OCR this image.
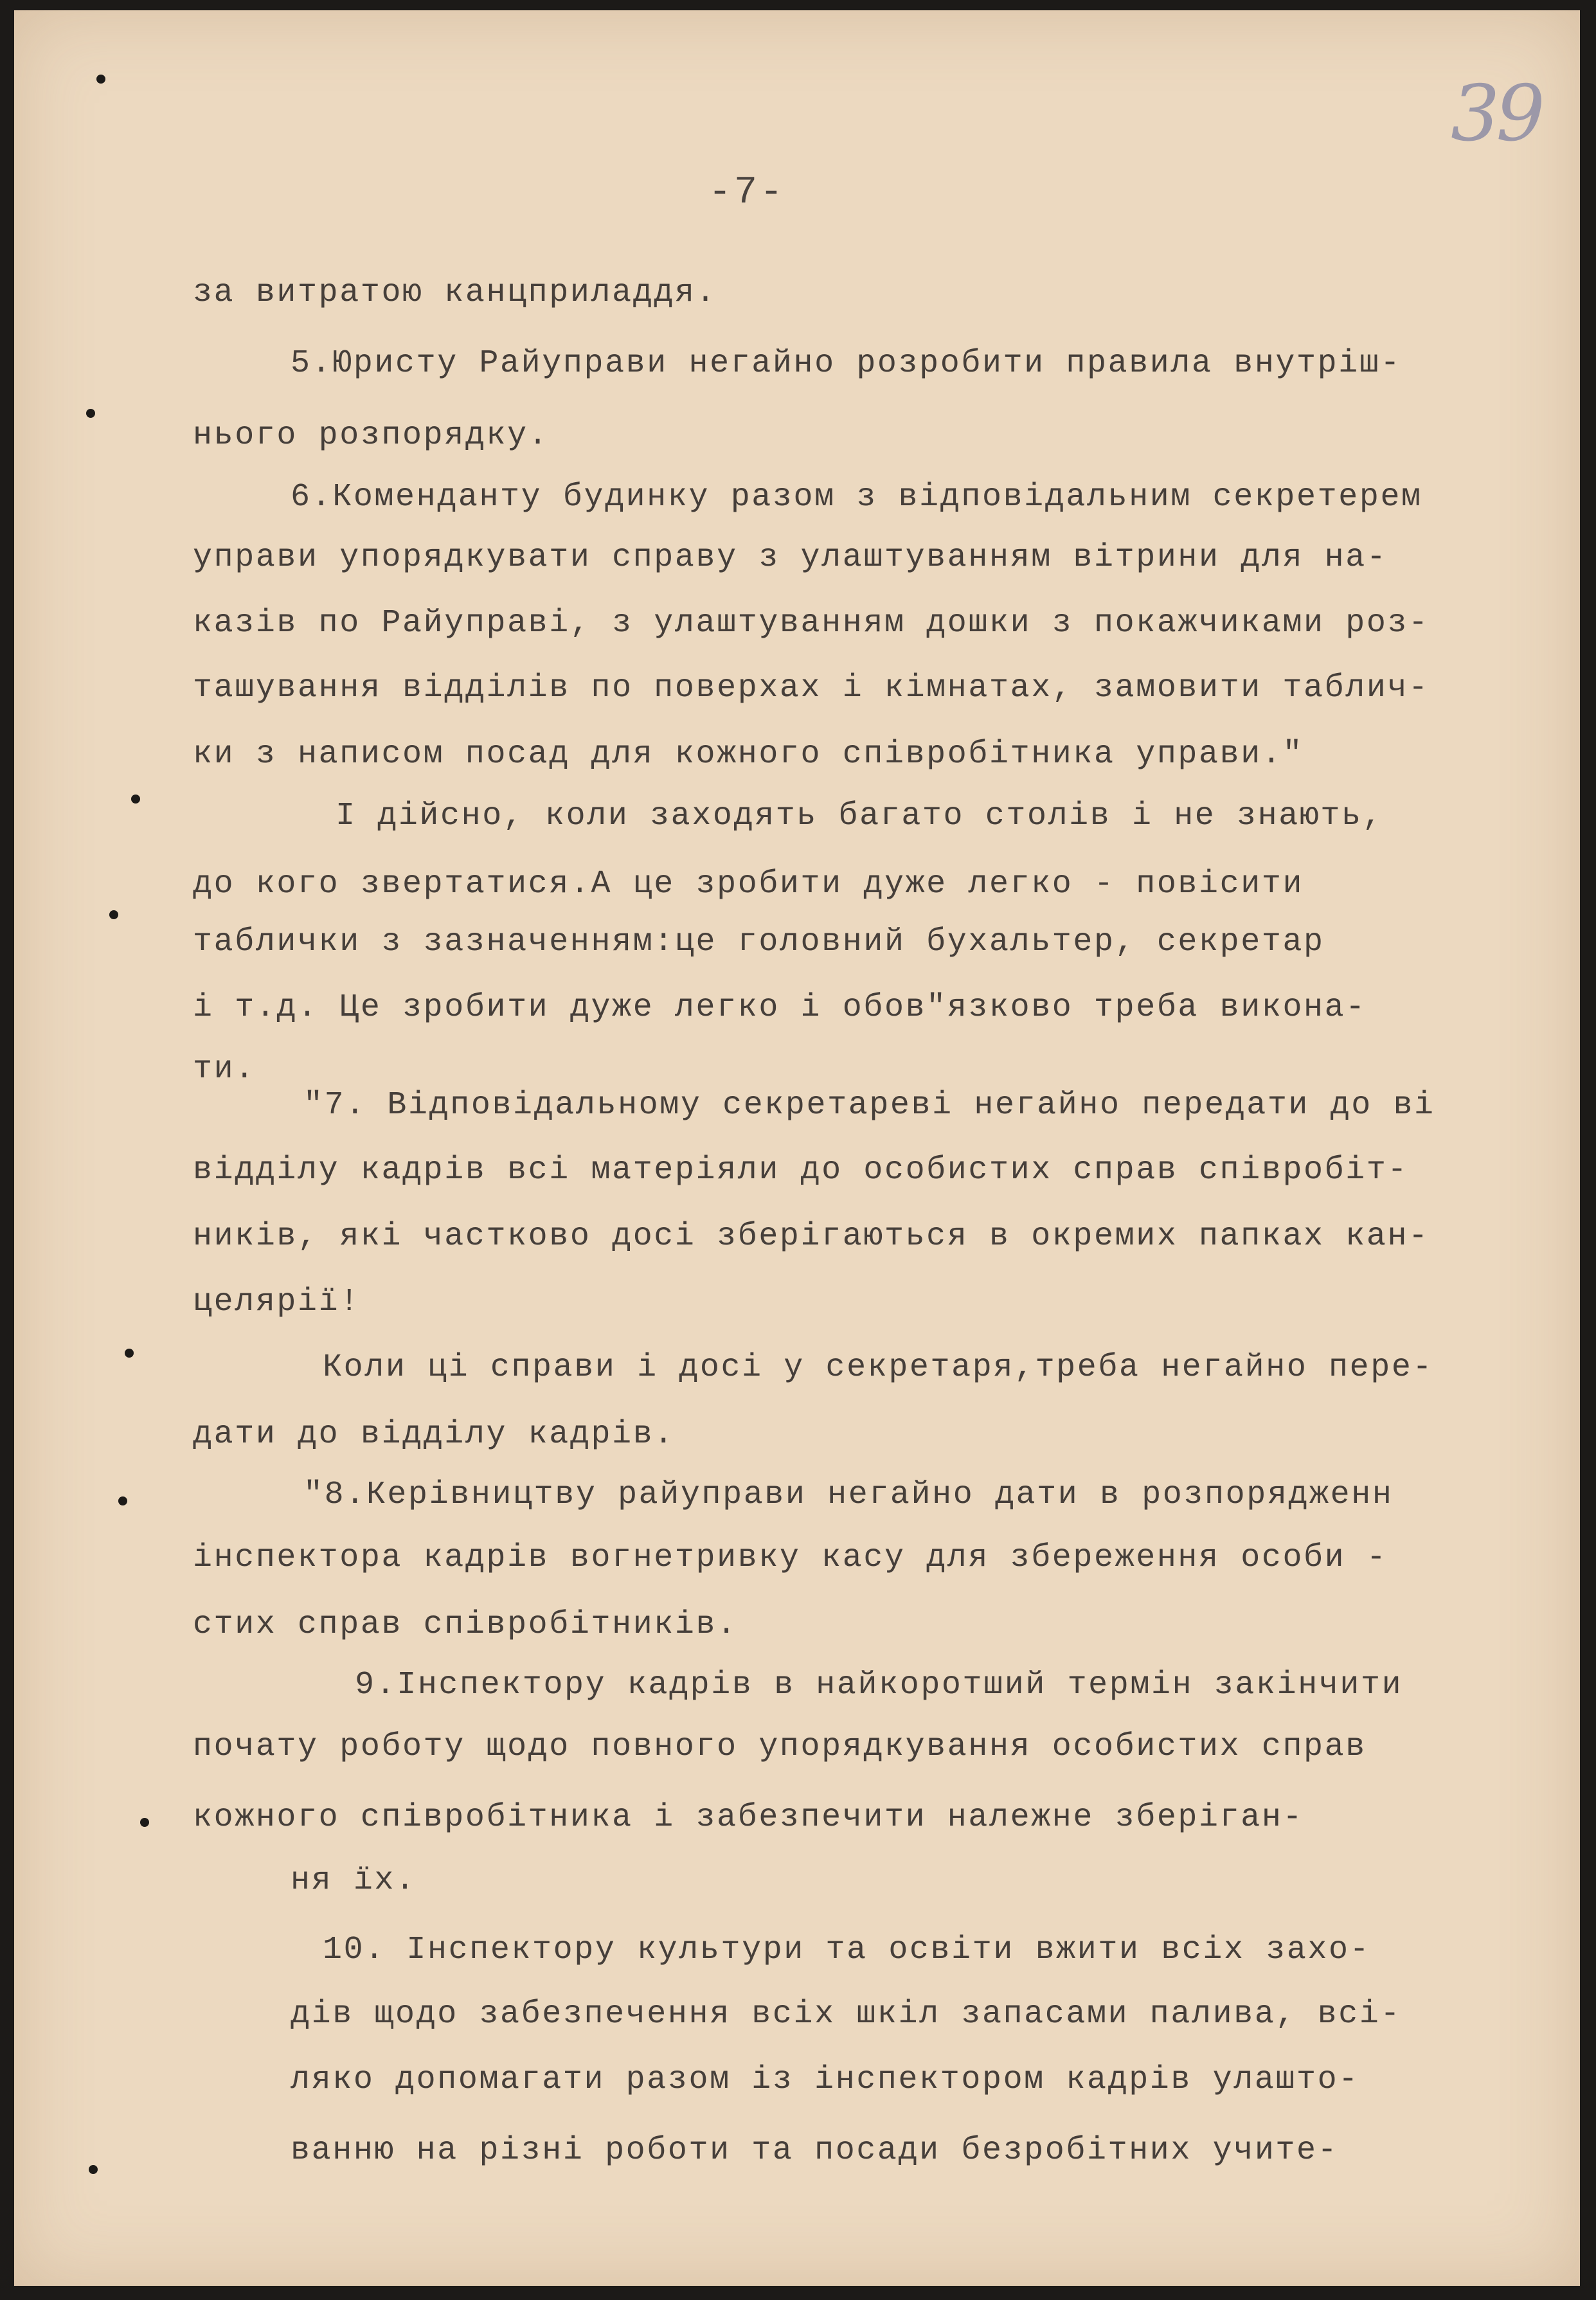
39
-7-
за витратою канцприладдя.
5.Юристу Райуправи негайно розробити правила внутріш-
нього розпорядку.
6.Комендантy будинку разом з відповідальним секретерем
управи упорядкувати справу з улаштуванням вітрини для на-
казів по Райуправі, з улаштуванням дошки з покажчиками роз-
ташування відділів по поверхах і кімнатах, замовити таблич-
ки з написом посад для кожного співробітника управи."
І дійсно, коли заходять багато столів і не знають,
до кого звертатися.А це зробити дуже легко - повісити
таблички з зазначенням:це головний бухальтер, секретар
і т.д. Це зробити дуже легко і обов"язково треба викона-
ти.
"7. Відповідальному секретареві негайно передати до ві
відділу кадрів всі матеріяли до особистих справ співробіт-
ників, які частково досі зберігаються в окремих папках кан-
целярії!
Коли ці справи і досі у секретаря,треба негайно пере-
дати до відділу кадрів.
"8.Керівництву райуправи негайно дати в розпорядженн
інспектора кадрів вогнетривку касу для збереження особи -
стих справ співробітників.
9.Інспектору кадрів в найкоротший термін закінчити
почату роботу щодо повного упорядкування особистих справ
кожного співробітника і забезпечити належне зберіган-
ня їх.
10. Інспектору культури та освіти вжити всіх захо-
дів щодо забезпечення всіх шкіл запасами палива, всі-
ляко допомагати разом із інспектором кадрів улашто-
ванню на різні роботи та посади безробітних учите-
